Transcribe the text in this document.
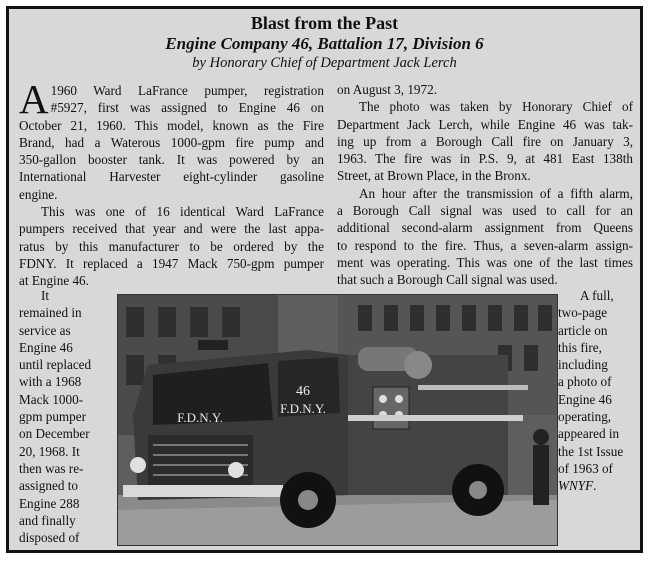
Blast from the Past
Engine Company 46, Battalion 17, Division 6
by Honorary Chief of Department Jack Lerch
A 1960 Ward LaFrance pumper, registration
#5927, first was assigned to Engine 46 on
October 21, 1960. This model, known as the Fire
Brand, had a Waterous 1000-gpm fire pump and
350-gallon booster tank. It was powered by an
International Harvester eight-cylinder gasoline
engine.
This was one of 16 identical Ward LaFrance
pumpers received that year and were the last appa-
ratus by this manufacturer to be ordered by the
FDNY. It replaced a 1947 Mack 750-gpm pumper
at Engine 46.
It
remained in
service as
Engine 46
until replaced
with a 1968
Mack 1000-
gpm pumper
on December
20, 1968. It
then was re-
assigned to
Engine 288
and finally
disposed of
on August 3, 1972.
The photo was taken by Honorary Chief of
Department Jack Lerch, while Engine 46 was tak-
ing up from a Borough Call fire on January 3,
1963. The fire was in P.S. 9, at 481 East 138th
Street, at Brown Place, in the Bronx.
An hour after the transmission of a fifth alarm,
a Borough Call signal was used to call for an
additional second-alarm assignment from Queens
to respond to the fire. Thus, a seven-alarm assign-
ment was operating. This was one of the last times
that such a Borough Call signal was used.
A full,
two-page
article on
this fire,
including
a photo of
Engine 46
operating,
appeared in
the 1st Issue
of 1963 of
WNYF.
F.D.N.Y.
46
F.D.N.Y.
